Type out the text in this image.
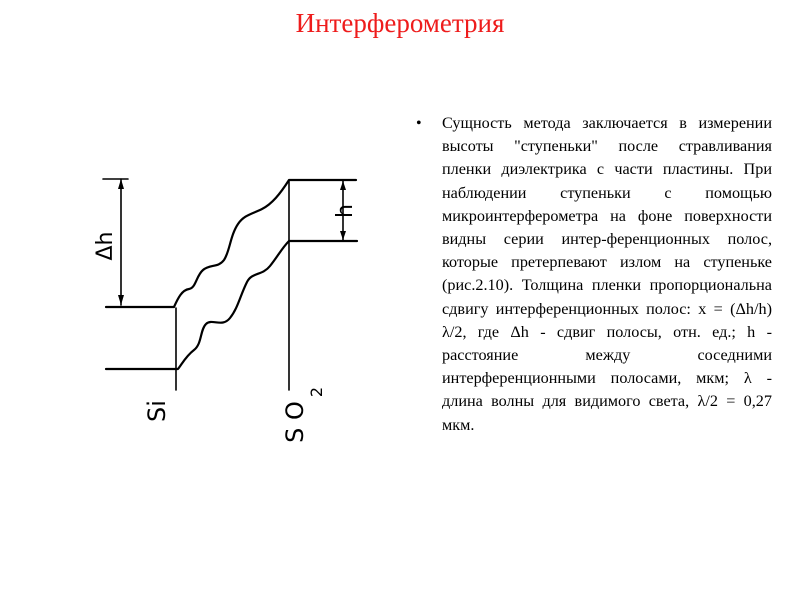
Интерферометрия
Δh
h
Si	S O
2
• Сущность метода заключается в измерении высоты "ступеньки" после стравливания пленки диэлектрика с части пластины. При наблюдении ступеньки с помощью микроинтерферометра на фоне поверхности видны серии интер-ференционных полос, которые претерпевают излом на ступеньке (рис.2.10). Толщина пленки пропорциональна сдвигу интерференционных полос: x = (Δh/h) λ/2, где Δh - сдвиг полосы, отн. ед.; h - расстояние между соседними интерференционными полосами, мкм; λ - длина волны для видимого света, λ/2 = 0,27 мкм.
